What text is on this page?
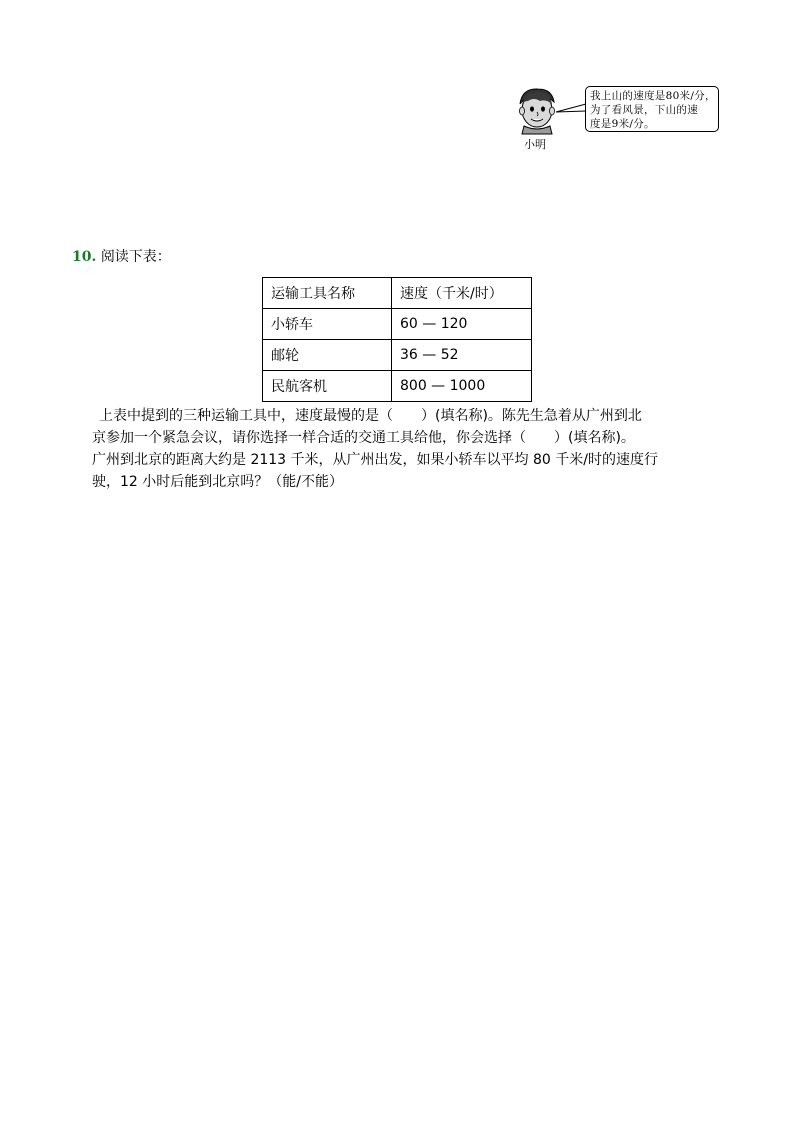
我上山的速度是80米/分，
为了看风景，下山的速
度是9米/分。
小明
10. 阅读下表：
运输工具名称	速度（千米/时）
小轿车	60 — 120
邮轮	36 — 52
民航客机	800 — 1000
上表中提到的三种运输工具中，速度最慢的是（　　）(填名称)。陈先生急着从广州到北
京参加一个紧急会议，请你选择一样合适的交通工具给他，你会选择（　　）(填名称)。
广州到北京的距离大约是 2113 千米，从广州出发，如果小轿车以平均 80 千米/时的速度行
驶，12 小时后能到北京吗？（能/不能）
